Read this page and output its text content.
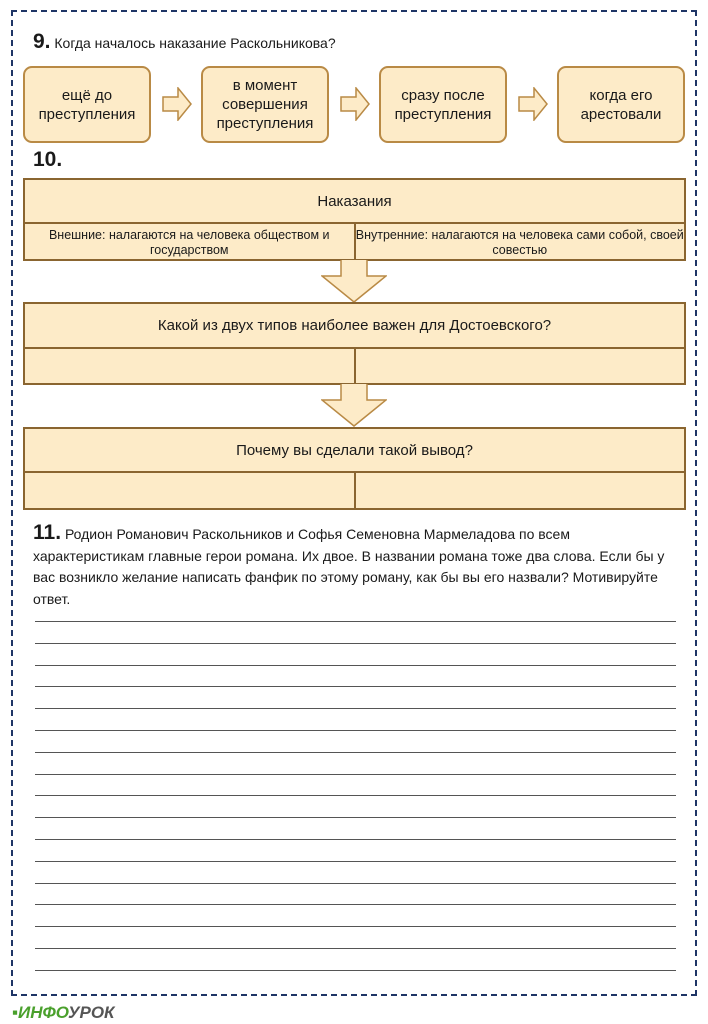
9. Когда началось наказание Раскольникова?
ещё до преступления
в момент совершения преступления
сразу после преступления
когда его арестовали
10.
Наказания
Внешние: налагаются на человека обществом и государством
Внутренние: налагаются на человека сами собой, своей совестью
Какой из двух типов наиболее важен для Достоевского?
Почему вы сделали такой вывод?
11. Родион Романович Раскольников и Софья Семеновна Мармеладова по всем характеристикам главные герои романа. Их двое. В названии романа тоже два слова. Если бы у вас возникло желание написать фанфик по этому роману, как бы вы его назвали? Мотивируйте ответ.
▪ИНФОУРОК
